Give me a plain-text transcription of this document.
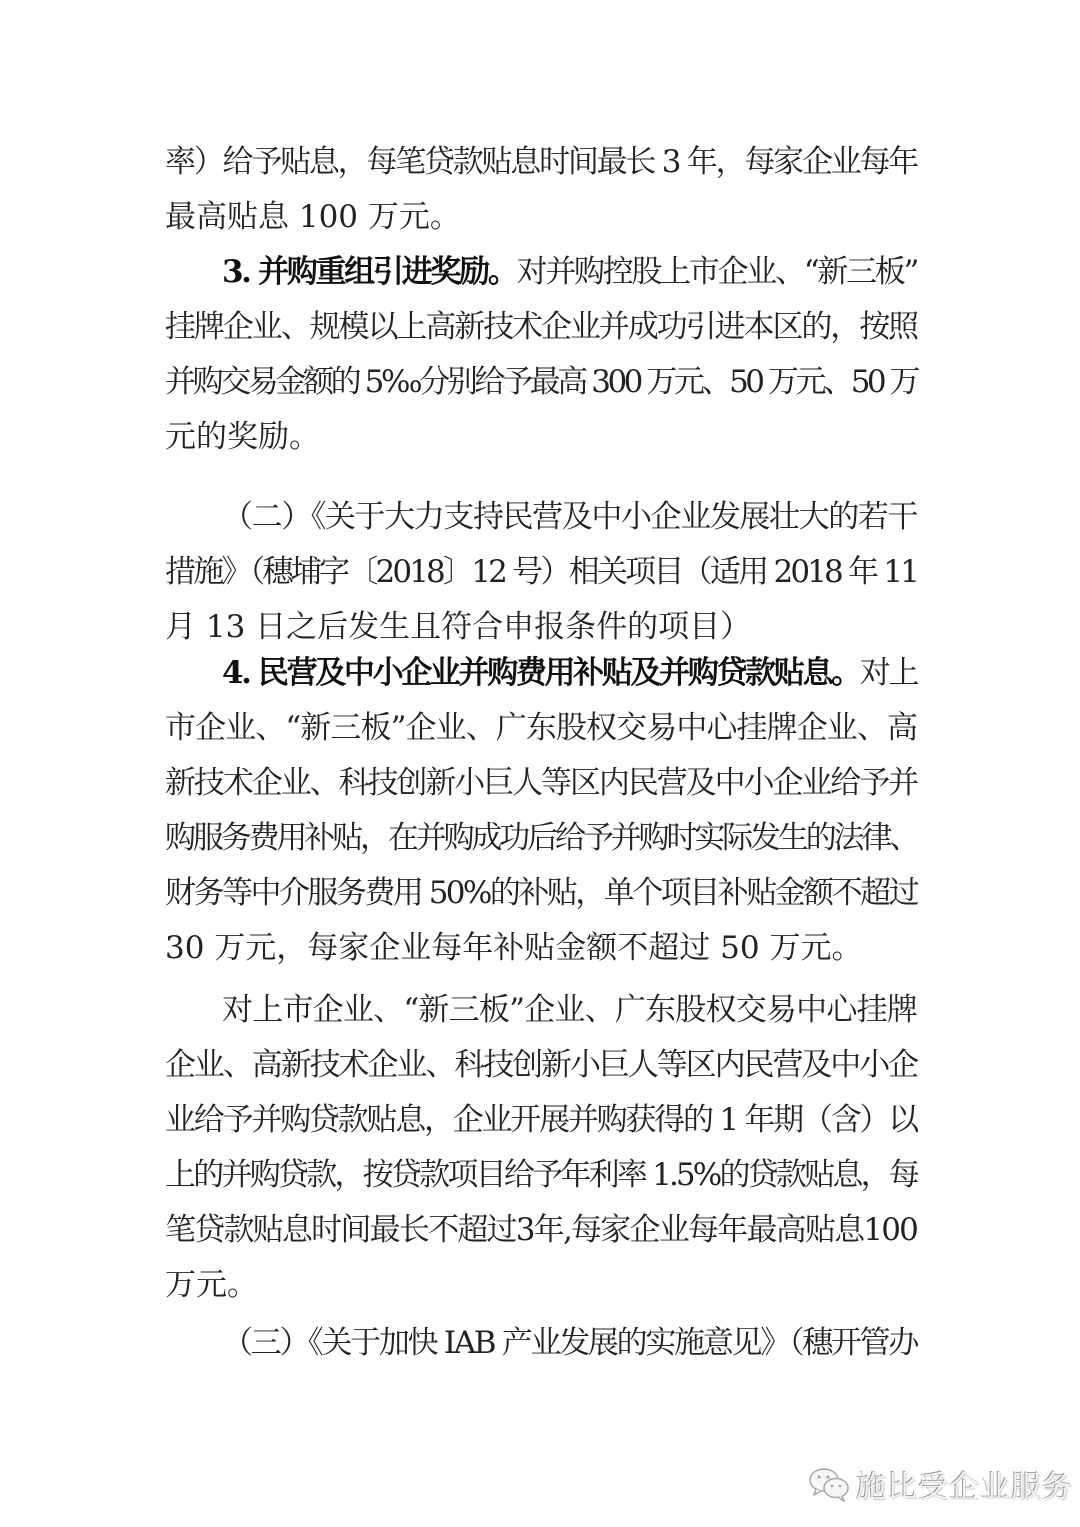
率）给予贴息，每笔贷款贴息时间最长 3 年，每家企业每年
最高贴息 100 万元。
3. 并购重组引进奖励。对并购控股上市企业、“新三板”
挂牌企业、规模以上高新技术企业并成功引进本区的，按照
并购交易金额的 5‰分别给予最高 300 万元、50 万元、50 万
元的奖励。
（二）《关于大力支持民营及中小企业发展壮大的若干
措施》（穗埔字〔2018〕12 号）相关项目（适用 2018 年 11
月 13 日之后发生且符合申报条件的项目）
4. 民营及中小企业并购费用补贴及并购贷款贴息。对上
市企业、“新三板”企业、广东股权交易中心挂牌企业、高
新技术企业、科技创新小巨人等区内民营及中小企业给予并
购服务费用补贴，在并购成功后给予并购时实际发生的法律、
财务等中介服务费用 50%的补贴，单个项目补贴金额不超过
30 万元，每家企业每年补贴金额不超过 50 万元。
对上市企业、“新三板”企业、广东股权交易中心挂牌
企业、高新技术企业、科技创新小巨人等区内民营及中小企
业给予并购贷款贴息，企业开展并购获得的 1 年期（含）以
上的并购贷款，按贷款项目给予年利率 1.5%的贷款贴息，每
笔贷款贴息时间最长不超过3年,每家企业每年最高贴息100
万元。
（三）《关于加快 IAB 产业发展的实施意见》（穗开管办
施比受企业服务
